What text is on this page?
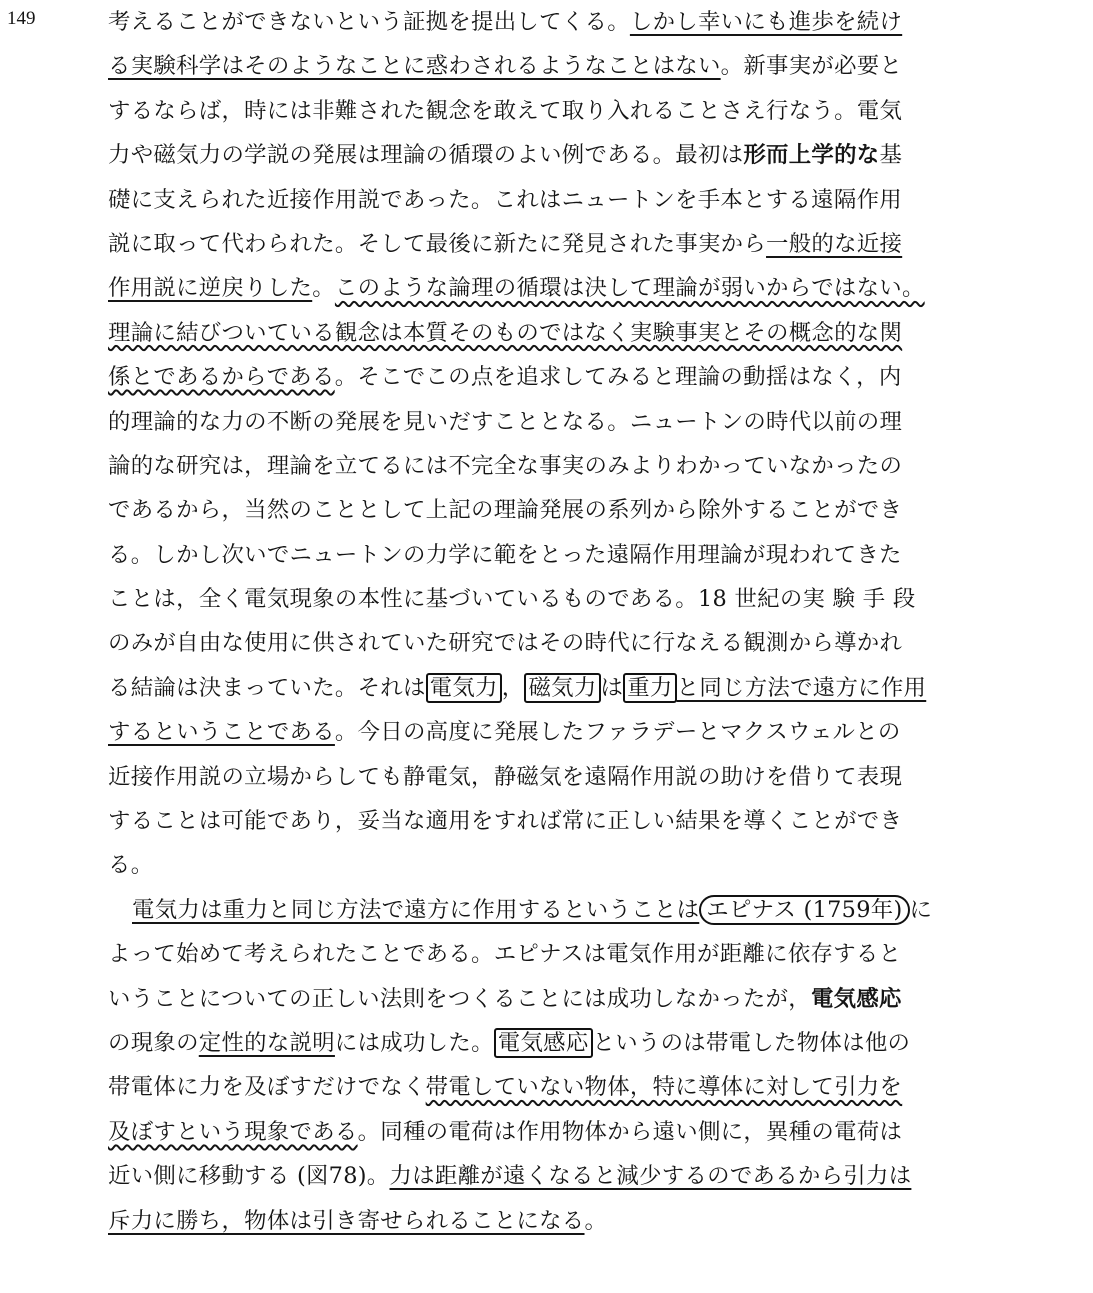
149	考えることができないという証拠を提出してくる。しかし幸いにも進歩を続け
る実験科学はそのようなことに惑わされるようなことはない。新事実が必要と
するならば，時には非難された観念を敢えて取り入れることさえ行なう。電気
力や磁気力の学説の発展は理論の循環のよい例である。最初は形而上学的な基
礎に支えられた近接作用説であった。これはニュートンを手本とする遠隔作用
説に取って代わられた。そして最後に新たに発見された事実から一般的な近接
作用説に逆戻りした。このような論理の循環は決して理論が弱いからではない。
理論に結びついている観念は本質そのものではなく実験事実とその概念的な関
係とであるからである。そこでこの点を追求してみると理論の動揺はなく，内
的理論的な力の不断の発展を見いだすこととなる。ニュートンの時代以前の理
論的な研究は，理論を立てるには不完全な事実のみよりわかっていなかったの
であるから，当然のこととして上記の理論発展の系列から除外することができ
る。しかし次いでニュートンの力学に範をとった遠隔作用理論が現われてきた
ことは，全く電気現象の本性に基づいているものである。18 世紀の実 験 手 段
のみが自由な使用に供されていた研究ではその時代に行なえる観測から導かれ
る結論は決まっていた。それは 電気力 ， 磁気力 は 重力 と同じ方法で遠方に作用
するということである。今日の高度に発展したファラデーとマクスウェルとの
近接作用説の立場からしても静電気，静磁気を遠隔作用説の助けを借りて表現
することは可能であり，妥当な適用をすれば常に正しい結果を導くことができ
る。
電気力は重力と同じ方法で遠方に作用するということは エピナス (1759年) に
よって始めて考えられたことである。エピナスは電気作用が距離に依存すると
いうことについての正しい法則をつくることには成功しなかったが，電気感応
の現象の定性的な説明には成功した。 電気感応 というのは帯電した物体は他の
帯電体に力を及ぼすだけでなく帯電していない物体，特に導体に対して引力を
及ぼすという現象である。同種の電荷は作用物体から遠い側に，異種の電荷は
近い側に移動する (図78)。力は距離が遠くなると減少するのであるから引力は
斥力に勝ち，物体は引き寄せられることになる。
